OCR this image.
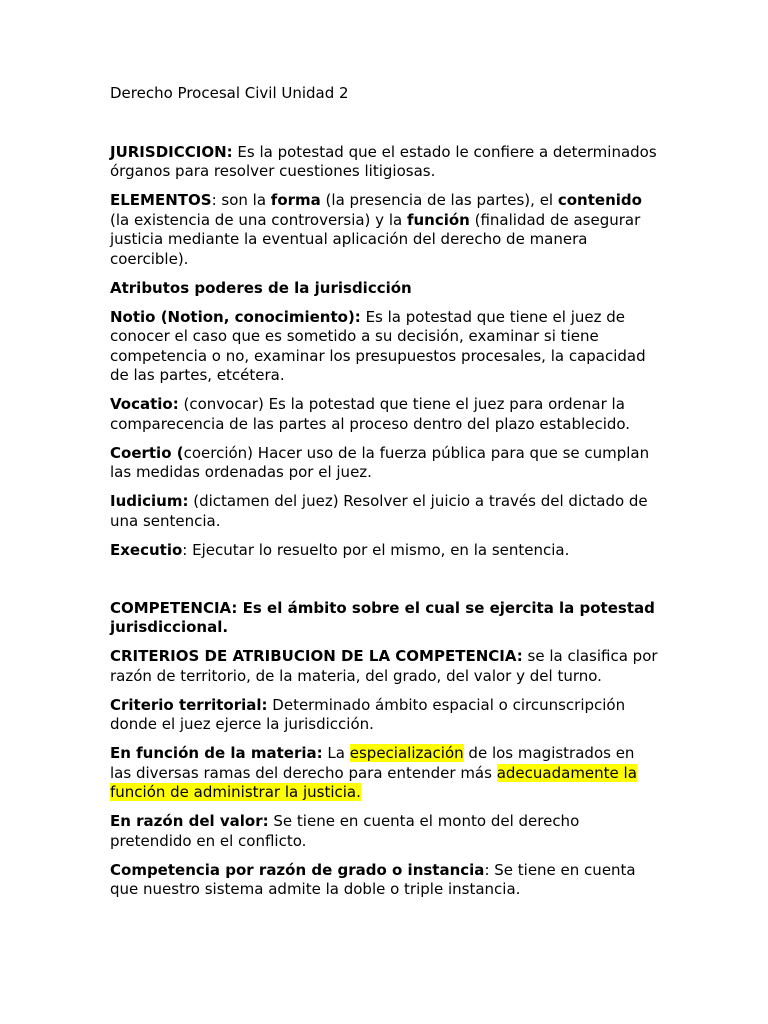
Derecho Procesal Civil Unidad 2

JURISDICCION: Es la potestad que el estado le confiere a determinados órganos para resolver cuestiones litigiosas.

ELEMENTOS: son la forma (la presencia de las partes), el contenido (la existencia de una controversia) y la función (finalidad de asegurar justicia mediante la eventual aplicación del derecho de manera coercible).

Atributos poderes de la jurisdicción

Notio (Notion, conocimiento): Es la potestad que tiene el juez de conocer el caso que es sometido a su decisión, examinar si tiene competencia o no, examinar los presupuestos procesales, la capacidad de las partes, etcétera.

Vocatio: (convocar) Es la potestad que tiene el juez para ordenar la comparecencia de las partes al proceso dentro del plazo establecido.

Coertio (coerción) Hacer uso de la fuerza pública para que se cumplan las medidas ordenadas por el juez.

Iudicium: (dictamen del juez) Resolver el juicio a través del dictado de una sentencia.

Executio: Ejecutar lo resuelto por el mismo, en la sentencia.

COMPETENCIA: Es el ámbito sobre el cual se ejercita la potestad jurisdiccional.

CRITERIOS DE ATRIBUCION DE LA COMPETENCIA: se la clasifica por razón de territorio, de la materia, del grado, del valor y del turno.

Criterio territorial: Determinado ámbito espacial o circunscripción donde el juez ejerce la jurisdicción.

En función de la materia: La especialización de los magistrados en las diversas ramas del derecho para entender más adecuadamente la función de administrar la justicia.

En razón del valor: Se tiene en cuenta el monto del derecho pretendido en el conflicto.

Competencia por razón de grado o instancia: Se tiene en cuenta que nuestro sistema admite la doble o triple instancia.
